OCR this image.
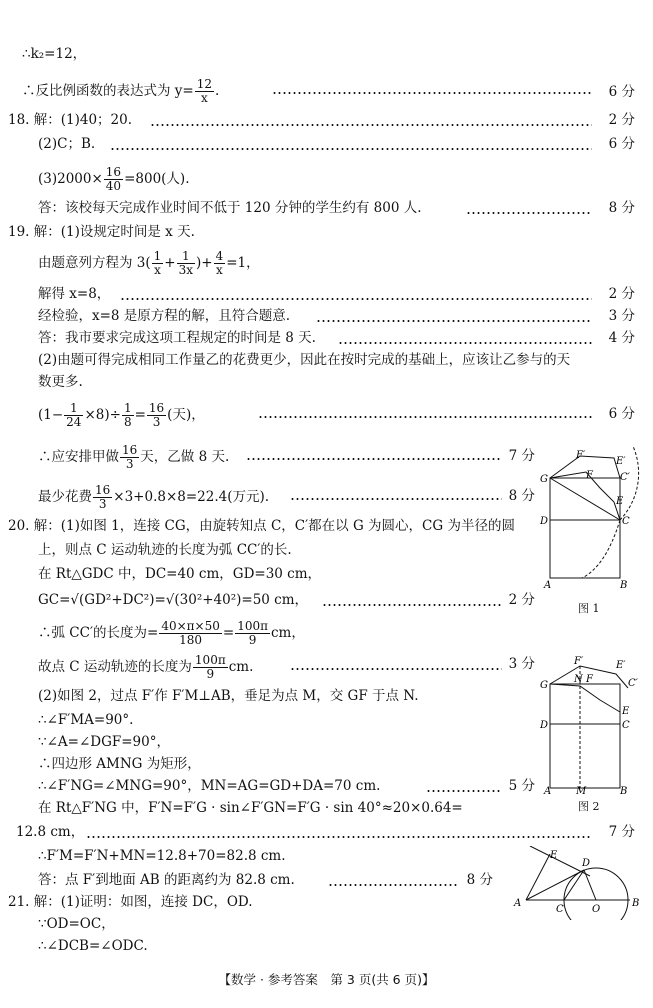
∴k₂=12，
∴反比例函数的表达式为 $y= \frac{12}{x}$ .	6 分
18. 解：(1)40；20.	2 分
(2)C；B.	6 分
$(3)2000\times \frac{16}{40} =800$(人).
答：该校每天完成作业时间不低于 120 分钟的学生约有 800 人.	8 分
19. 解：(1)设规定时间是 x 天.
由题意列方程为 $3( \frac{1}{x} + \frac{1}{3x}$ )+ $\frac{4}{x} =1$，
解得 x=8，	2 分
经检验，x=8 是原方程的解，且符合题意.	3 分
答：我市要求完成这项工程规定的时间是 8 天.	4 分
(2)由题可得完成相同工作量乙的花费更少，因此在按时完成的基础上，应该让乙参与的天
数更多.
$(1- \frac{1}{24} \times 8)\div \frac{1}{8} = \frac{16}{3}$ (天)，	6 分
∴应安排甲做 $\frac{16}{3}$ 天，乙做 8 天.	7 分
最少花费 $\frac{16}{3} \times 3+0.8\times 8=22.4$(万元).	8 分
20. 解：(1)如图 1，连接 CG，由旋转知点 C，C′都在以 G 为圆心，CG 为半径的圆
上，则点 C 运动轨迹的长度为弧 CC′的长.
在 Rt△GDC 中，DC=40 cm，GD=30 cm，
GC=√(GD²+DC²)=√(30²+40²)=50 cm，	2 分
∴弧 CC′的长度为= $\frac{40\times\pi\times 50}{180} = \frac{100\pi}{9}$ cm，
故点 C 运动轨迹的长度为 $\frac{100\pi}{9}$ cm.	3 分
(2)如图 2，过点 F′作 F′M⊥AB，垂足为点 M，交 GF 于点 N.
∴∠F′MA=90°.
∵∠A=∠DGF=90°，
∴四边形 AMNG 为矩形，
∴∠F′NG=∠MNG=90°，MN=AG=GD+DA=70 cm.	5 分
在 Rt△F′NG 中，F′N=F′G · sin∠F′GN=F′G · sin 40°≈20×0.64=
12.8 cm，	7 分
∴F′M=F′N+MN=12.8+70=82.8 cm.
答：点 F′到地面 AB 的距离约为 82.8 cm.	8 分
21. 解：(1)证明：如图，连接 DC，OD.
∵OD=OC，
∴∠DCB=∠ODC.
D
G
C
A	B
F
F′
E′
E
C′
图 1
G
D	C
E
A	B
M
N F
F′	E′
C′
图 2
A	B
C	O
D
E
【数学 · 参考答案　第 3 页(共 6 页)】
